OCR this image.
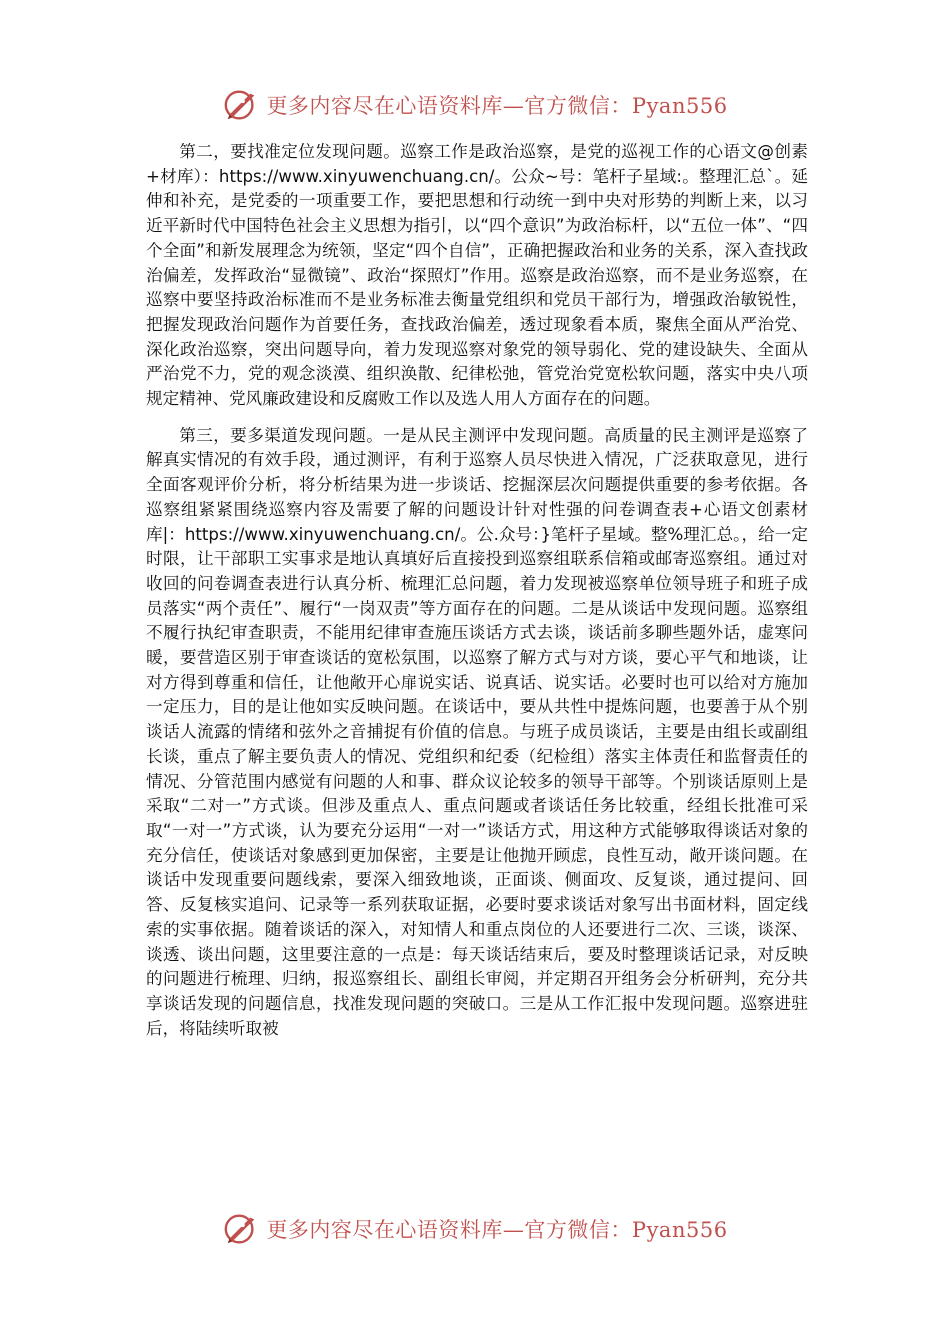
更多内容尽在心语资料库—官方微信：Pyan556

第二，要找准定位发现问题。巡察工作是政治巡察，是党的巡视工作的心语文@创素+材库）：https://www.xinyuwenchuang.cn/。公众~号：笔杆子星域:。整理汇总`。延伸和补充，是党委的一项重要工作，要把思想和行动统一到中央对形势的判断上来，以习近平新时代中国特色社会主义思想为指引，以“四个意识”为政治标杆，以“五位一体”、“四个全面”和新发展理念为统领，坚定“四个自信”，正确把握政治和业务的关系，深入查找政治偏差，发挥政治“显微镜”、政治“探照灯”作用。巡察是政治巡察，而不是业务巡察，在巡察中要坚持政治标准而不是业务标准去衡量党组织和党员干部行为，增强政治敏锐性，把握发现政治问题作为首要任务，查找政治偏差，透过现象看本质，聚焦全面从严治党、深化政治巡察，突出问题导向，着力发现巡察对象党的领导弱化、党的建设缺失、全面从严治党不力，党的观念淡漠、组织涣散、纪律松弛，管党治党宽松软问题，落实中央八项规定精神、党风廉政建设和反腐败工作以及选人用人方面存在的问题。

第三，要多渠道发现问题。一是从民主测评中发现问题。高质量的民主测评是巡察了解真实情况的有效手段，通过测评，有利于巡察人员尽快进入情况，广泛获取意见，进行全面客观评价分析，将分析结果为进一步谈话、挖掘深层次问题提供重要的参考依据。各巡察组紧紧围绕巡察内容及需要了解的问题设计针对性强的问卷调查表+心语文创素材库|：https://www.xinyuwenchuang.cn/。公.众号：}笔杆子星域。整%理汇总。，给一定时限，让干部职工实事求是地认真填好后直接投到巡察组联系信箱或邮寄巡察组。通过对收回的问卷调查表进行认真分析、梳理汇总问题，着力发现被巡察单位领导班子和班子成员落实“两个责任”、履行“一岗双责”等方面存在的问题。二是从谈话中发现问题。巡察组不履行执纪审查职责，不能用纪律审查施压谈话方式去谈，谈话前多聊些题外话，虚寒问暖，要营造区别于审查谈话的宽松氛围，以巡察了解方式与对方谈，要心平气和地谈，让对方得到尊重和信任，让他敞开心扉说实话、说真话、说实话。必要时也可以给对方施加一定压力，目的是让他如实反映问题。在谈话中，要从共性中提炼问题，也要善于从个别谈话人流露的情绪和弦外之音捕捉有价值的信息。与班子成员谈话，主要是由组长或副组长谈，重点了解主要负责人的情况、党组织和纪委（纪检组）落实主体责任和监督责任的情况、分管范围内感觉有问题的人和事、群众议论较多的领导干部等。个别谈话原则上是采取“二对一”方式谈。但涉及重点人、重点问题或者谈话任务比较重，经组长批准可采取“一对一”方式谈，认为要充分运用“一对一”谈话方式，用这种方式能够取得谈话对象的充分信任，使谈话对象感到更加保密，主要是让他抛开顾虑，良性互动，敞开谈问题。在谈话中发现重要问题线索，要深入细致地谈，正面谈、侧面攻、反复谈，通过提问、回答、反复核实追问、记录等一系列获取证据，必要时要求谈话对象写出书面材料，固定线索的实事依据。随着谈话的深入，对知情人和重点岗位的人还要进行二次、三谈，谈深、谈透、谈出问题，这里要注意的一点是：每天谈话结束后，要及时整理谈话记录，对反映的问题进行梳理、归纳，报巡察组长、副组长审阅，并定期召开组务会分析研判，充分共享谈话发现的问题信息，找准发现问题的突破口。三是从工作汇报中发现问题。巡察进驻后，将陆续听取被

更多内容尽在心语资料库—官方微信：Pyan556
